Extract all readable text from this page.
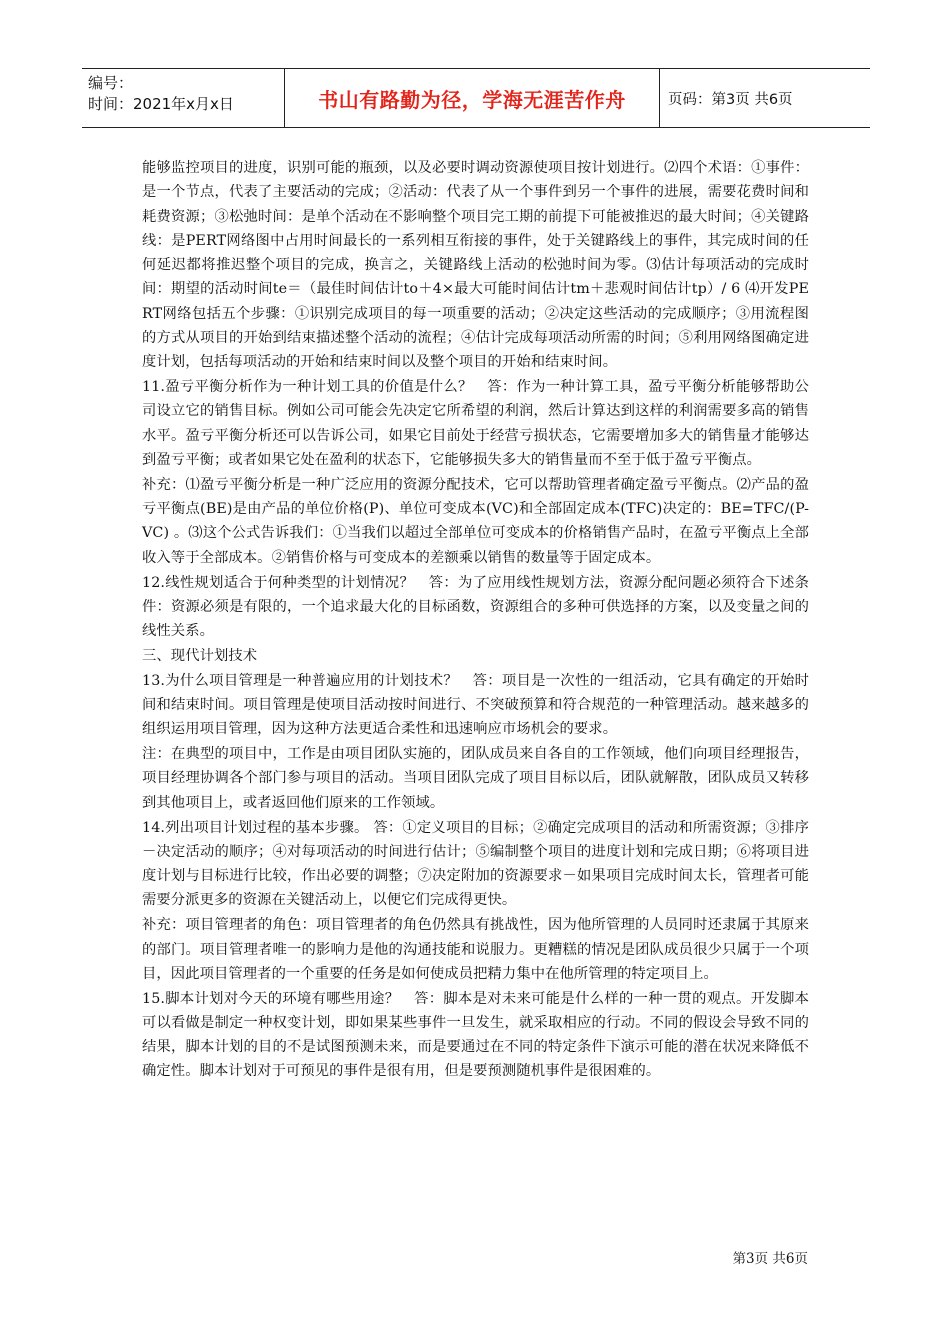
编号：
时间：2021年x月x日	书山有路勤为径，学海无涯苦作舟	页码：第3页 共6页

能够监控项目的进度，识别可能的瓶颈，以及必要时调动资源使项目按计划进行。⑵四个术语：①事件：是一个节点，代表了主要活动的完成；②活动：代表了从一个事件到另一个事件的进展，需要花费时间和耗费资源；③松弛时间：是单个活动在不影响整个项目完工期的前提下可能被推迟的最大时间；④关键路线：是PERT网络图中占用时间最长的一系列相互衔接的事件，处于关键路线上的事件，其完成时间的任何延迟都将推迟整个项目的完成，换言之，关键路线上活动的松弛时间为零。⑶估计每项活动的完成时间：期望的活动时间te＝（最佳时间估计to＋4×最大可能时间估计tm＋悲观时间估计tp）/ 6 ⑷开发PERT网络包括五个步骤：①识别完成项目的每一项重要的活动；②决定这些活动的完成顺序；③用流程图的方式从项目的开始到结束描述整个活动的流程；④估计完成每项活动所需的时间；⑤利用网络图确定进度计划，包括每项活动的开始和结束时间以及整个项目的开始和结束时间。

11.盈亏平衡分析作为一种计划工具的价值是什么？　答：作为一种计算工具，盈亏平衡分析能够帮助公司设立它的销售目标。例如公司可能会先决定它所希望的利润，然后计算达到这样的利润需要多高的销售水平。盈亏平衡分析还可以告诉公司，如果它目前处于经营亏损状态，它需要增加多大的销售量才能够达到盈亏平衡；或者如果它处在盈利的状态下，它能够损失多大的销售量而不至于低于盈亏平衡点。

补充：⑴盈亏平衡分析是一种广泛应用的资源分配技术，它可以帮助管理者确定盈亏平衡点。⑵产品的盈亏平衡点(BE)是由产品的单位价格(P)、单位可变成本(VC)和全部固定成本(TFC)决定的：BE=TFC/(P-VC) 。⑶这个公式告诉我们：①当我们以超过全部单位可变成本的价格销售产品时，在盈亏平衡点上全部收入等于全部成本。②销售价格与可变成本的差额乘以销售的数量等于固定成本。

12.线性规划适合于何种类型的计划情况？　答：为了应用线性规划方法，资源分配问题必须符合下述条件：资源必须是有限的，一个追求最大化的目标函数，资源组合的多种可供选择的方案，以及变量之间的线性关系。

三、现代计划技术

13.为什么项目管理是一种普遍应用的计划技术？　答：项目是一次性的一组活动，它具有确定的开始时间和结束时间。项目管理是使项目活动按时间进行、不突破预算和符合规范的一种管理活动。越来越多的组织运用项目管理，因为这种方法更适合柔性和迅速响应市场机会的要求。

注：在典型的项目中，工作是由项目团队实施的，团队成员来自各自的工作领域，他们向项目经理报告，项目经理协调各个部门参与项目的活动。当项目团队完成了项目目标以后，团队就解散，团队成员又转移到其他项目上，或者返回他们原来的工作领域。

14.列出项目计划过程的基本步骤。 答：①定义项目的目标；②确定完成项目的活动和所需资源；③排序－决定活动的顺序；④对每项活动的时间进行估计；⑤编制整个项目的进度计划和完成日期；⑥将项目进度计划与目标进行比较，作出必要的调整；⑦决定附加的资源要求－如果项目完成时间太长，管理者可能需要分派更多的资源在关键活动上，以便它们完成得更快。

补充：项目管理者的角色：项目管理者的角色仍然具有挑战性，因为他所管理的人员同时还隶属于其原来的部门。项目管理者唯一的影响力是他的沟通技能和说服力。更糟糕的情况是团队成员很少只属于一个项目，因此项目管理者的一个重要的任务是如何使成员把精力集中在他所管理的特定项目上。

15.脚本计划对今天的环境有哪些用途？　答：脚本是对未来可能是什么样的一种一贯的观点。开发脚本可以看做是制定一种权变计划，即如果某些事件一旦发生，就采取相应的行动。不同的假设会导致不同的结果，脚本计划的目的不是试图预测未来，而是要通过在不同的特定条件下演示可能的潜在状况来降低不确定性。脚本计划对于可预见的事件是很有用，但是要预测随机事件是很困难的。

第3页 共6页
